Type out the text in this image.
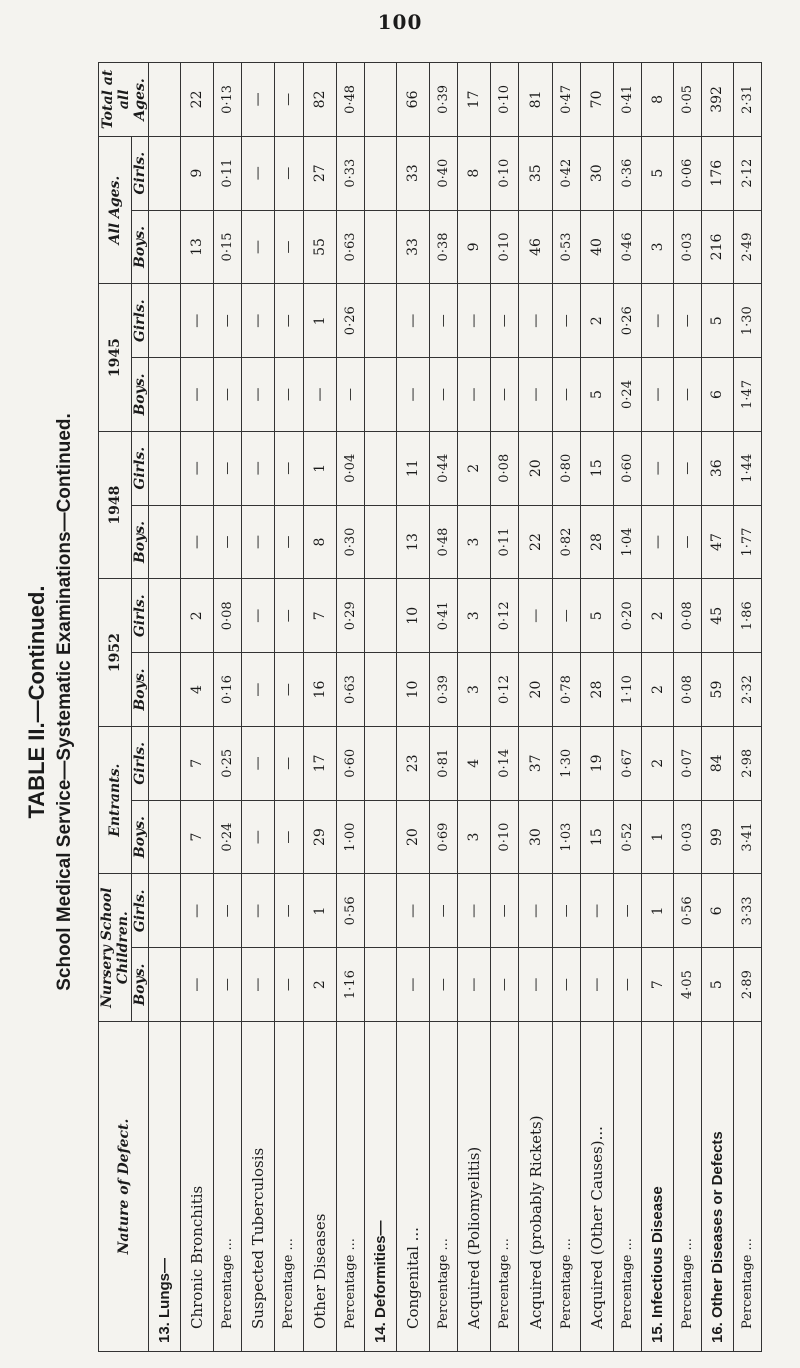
100
TABLE II.—Continued. School Medical Service—Systematic Examinations—Continued.
Nature of Defect.	Nursery School Children.		Entrants.		1952		1948		1945		All Ages.		Total at all Ages.
	Boys.	Girls.	Boys.	Girls.	Boys.	Girls.	Boys.	Girls.	Boys.	Girls.	Boys.	Girls.	
13. Lungs—													
Chronic Bronchitis	—	—	7	7	4	2	—	—	—	—	13	9	22
Percentage ...	—	—	0·24	0·25	0·16	0·08	—	—	—	—	0·15	0·11	0·13
Suspected Tuberculosis	—	—	—	—	—	—	—	—	—	—	—	—	—
Percentage ...	—	—	—	—	—	—	—	—	—	—	—	—	—
Other Diseases	2	1	29	17	16	7	8	1	—	1	55	27	82
Percentage ...	1·16	0·56	1·00	0·60	0·63	0·29	0·30	0·04	—	0·26	0·63	0·33	0·48
14. Deformities—													
Congenital ...	—	—	20	23	10	10	13	11	—	—	33	33	66
Percentage ...	—	—	0·69	0·81	0·39	0·41	0·48	0·44	—	—	0·38	0·40	0·39
Acquired (Poliomyelitis)	—	—	3	4	3	3	3	2	—	—	9	8	17
Percentage ...	—	—	0·10	0·14	0·12	0·12	0·11	0·08	—	—	0·10	0·10	0·10
Acquired (probably Rickets)	—	—	30	37	20	—	22	20	—	—	46	35	81
Percentage ...	—	—	1·03	1·30	0·78	—	0·82	0·80	—	—	0·53	0·42	0·47
Acquired (Other Causes)...	—	—	15	19	28	5	28	15	5	2	40	30	70
Percentage ...	—	—	0·52	0·67	1·10	0·20	1·04	0·60	0·24	0·26	0·46	0·36	0·41
15. Infectious Disease	7	1	1	2	2	2	—	—	—	—	3	5	8
Percentage ...	4·05	0·56	0·03	0·07	0·08	0·08	—	—	—	—	0·03	0·06	0·05
16. Other Diseases or Defects	5	6	99	84	59	45	47	36	6	5	216	176	392
Percentage ...	2·89	3·33	3·41	2·98	2·32	1·86	1·77	1·44	1·47	1·30	2·49	2·12	2·31
